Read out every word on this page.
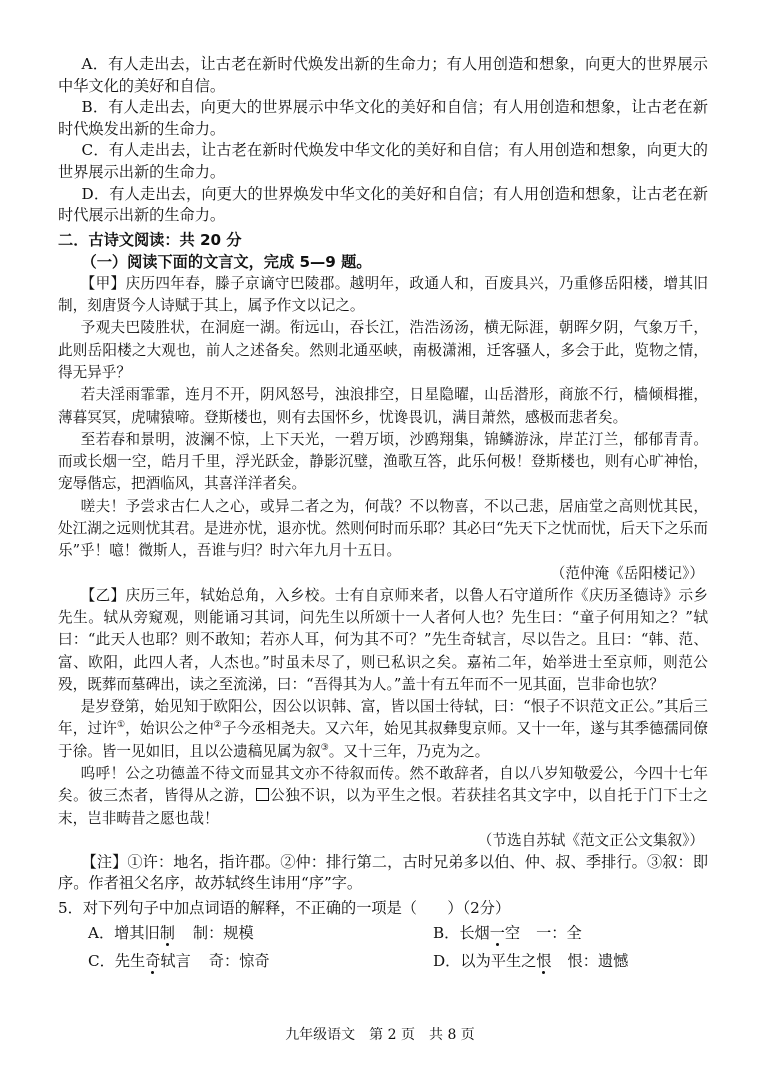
A．有人走出去，让古老在新时代焕发出新的生命力；有人用创造和想象，向更大的世界展示中华文化的美好和自信。

B．有人走出去，向更大的世界展示中华文化的美好和自信；有人用创造和想象，让古老在新时代焕发出新的生命力。

C．有人走出去，让古老在新时代焕发中华文化的美好和自信；有人用创造和想象，向更大的世界展示出新的生命力。

D．有人走出去，向更大的世界焕发中华文化的美好和自信；有人用创造和想象，让古老在新时代展示出新的生命力。

二．古诗文阅读：共 20 分

（一）阅读下面的文言文，完成 5—9 题。

【甲】庆历四年春，滕子京谪守巴陵郡。越明年，政通人和，百废具兴，乃重修岳阳楼，增其旧制，刻唐贤今人诗赋于其上，属予作文以记之。

予观夫巴陵胜状，在洞庭一湖。衔远山，吞长江，浩浩汤汤，横无际涯，朝晖夕阴，气象万千，此则岳阳楼之大观也，前人之述备矣。然则北通巫峡，南极潇湘，迁客骚人，多会于此，览物之情，得无异乎？

若夫淫雨霏霏，连月不开，阴风怒号，浊浪排空，日星隐曜，山岳潜形，商旅不行，樯倾楫摧，薄暮冥冥，虎啸猿啼。登斯楼也，则有去国怀乡，忧谗畏讥，满目萧然，感极而悲者矣。

至若春和景明，波澜不惊，上下天光，一碧万顷，沙鸥翔集，锦鳞游泳，岸芷汀兰，郁郁青青。而或长烟一空，皓月千里，浮光跃金，静影沉璧，渔歌互答，此乐何极！登斯楼也，则有心旷神怡，宠辱偕忘，把酒临风，其喜洋洋者矣。

嗟夫！予尝求古仁人之心，或异二者之为，何哉？不以物喜，不以己悲，居庙堂之高则忧其民，处江湖之远则忧其君。是进亦忧，退亦忧。然则何时而乐耶？其必曰“先天下之忧而忧，后天下之乐而乐”乎！噫！微斯人，吾谁与归？时六年九月十五日。

（范仲淹《岳阳楼记》）

【乙】庆历三年，轼始总角，入乡校。士有自京师来者，以鲁人石守道所作《庆历圣德诗》示乡先生。轼从旁窥观，则能诵习其词，问先生以所颂十一人者何人也？先生曰：“童子何用知之？”轼曰：“此天人也耶？则不敢知；若亦人耳，何为其不可？”先生奇轼言，尽以告之。且曰：“韩、范、富、欧阳，此四人者，人杰也。”时虽未尽了，则已私识之矣。嘉祐二年，始举进士至京师，则范公殁，既葬而墓碑出，读之至流涕，曰：“吾得其为人。”盖十有五年而不一见其面，岂非命也欤？

是岁登第，始见知于欧阳公，因公以识韩、富，皆以国士待轼，曰：“恨子不识范文正公。”其后三年，过许①，始识公之仲②子今丞相尧夫。又六年，始见其叔彝叟京师。又十一年，遂与其季德孺同僚于徐。皆一见如旧，且以公遗稿见属为叙③。又十三年，乃克为之。

呜呼！公之功德盖不待文而显其文亦不待叙而传。然不敢辞者，自以八岁知敬爱公，今四十七年矣。彼三杰者，皆得从之游， 公独不识，以为平生之恨。若获挂名其文字中，以自托于门下士之末，岂非畴昔之愿也哉！

（节选自苏轼《范文正公文集叙》）

【注】①许：地名，指许郡。②仲：排行第二，古时兄弟多以伯、仲、叔、季排行。③叙：即序。作者祖父名序，故苏轼终生讳用“序”字。

5．对下列句子中加点词语的解释，不正确的一项是（　　）（2分）

A．增其旧制 制：规模	B．长烟一空 一：全
C．先生奇轼言 奇：惊奇	D．以为平生之恨 恨：遗憾
九年级语文　第 2 页　共 8 页
